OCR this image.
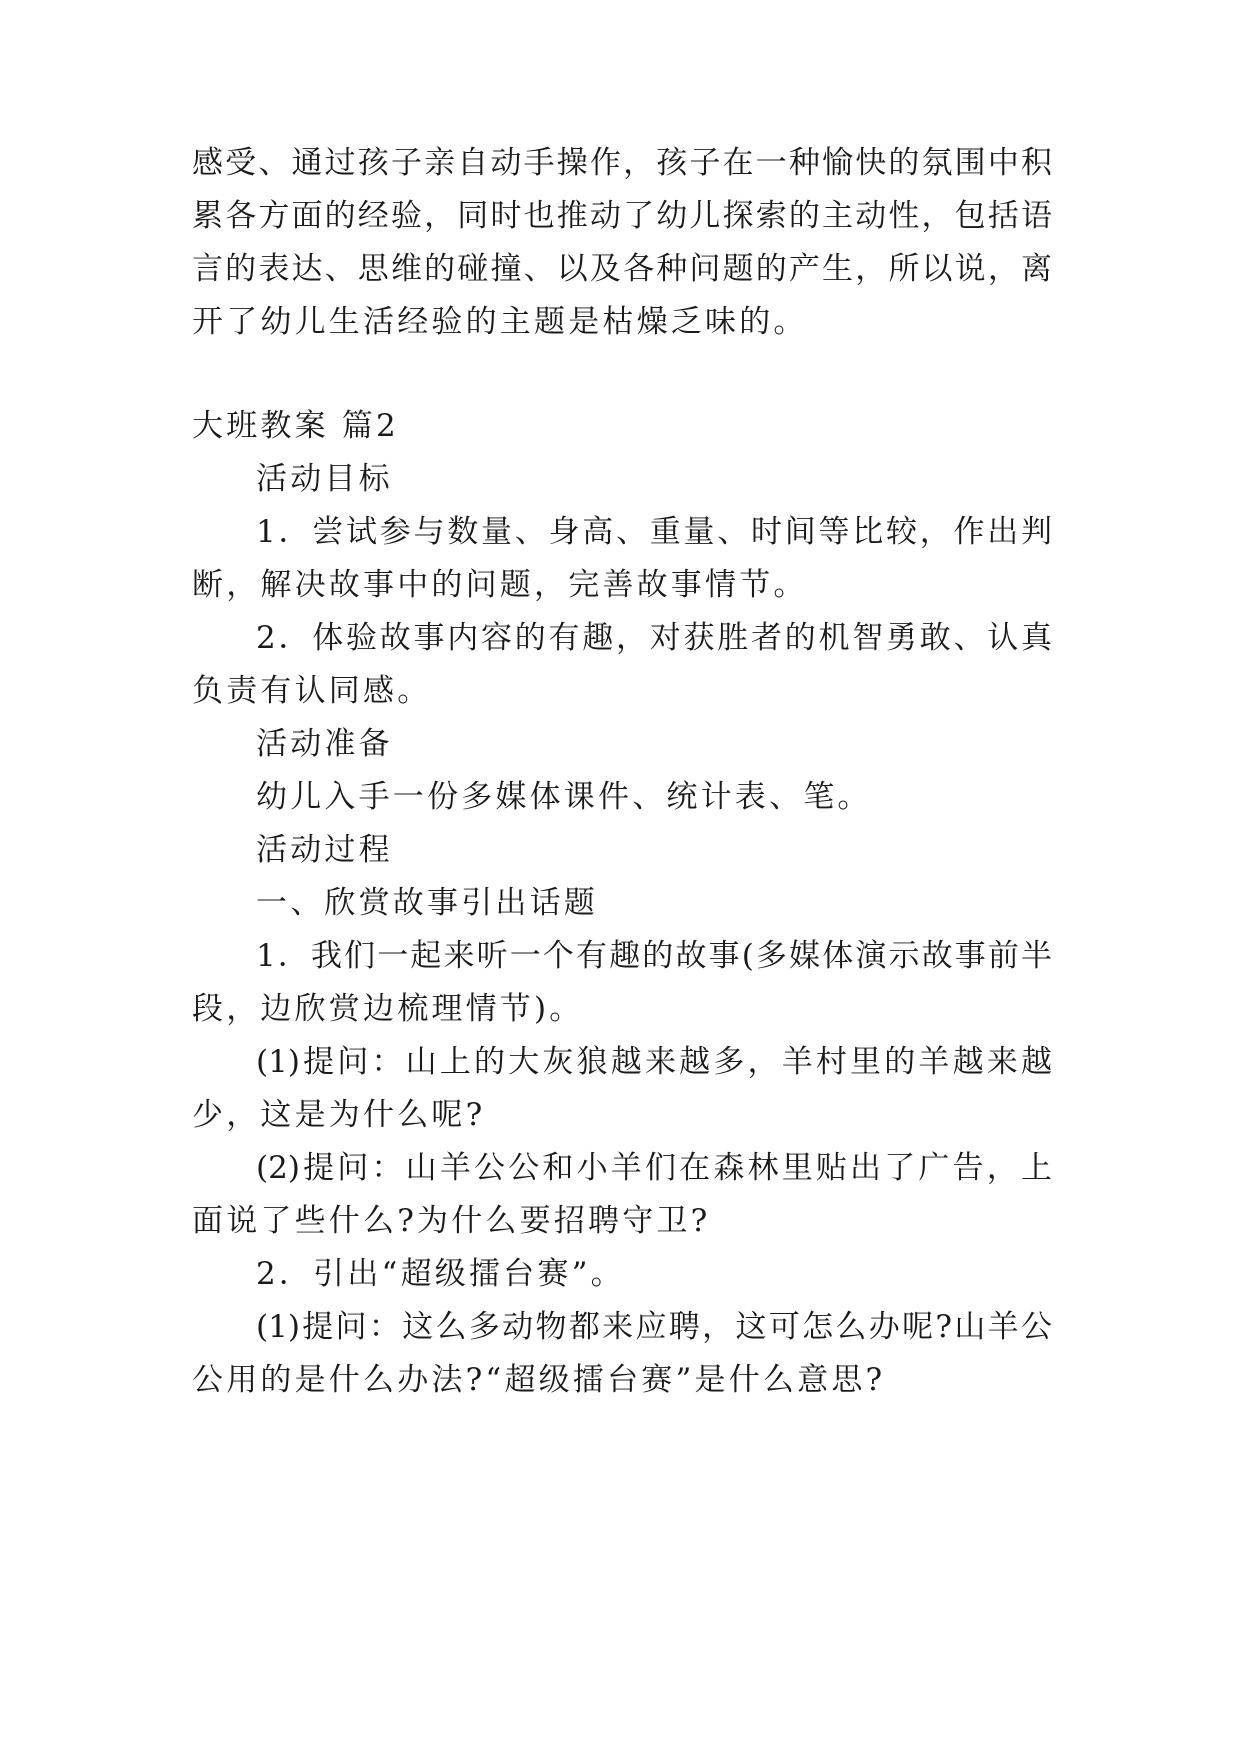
感受、通过孩子亲自动手操作，孩子在一种愉快的氛围中积
累各方面的经验，同时也推动了幼儿探索的主动性，包括语
言的表达、思维的碰撞、以及各种问题的产生，所以说，离
开了幼儿生活经验的主题是枯燥乏味的。
大班教案 篇2
活动目标
1．尝试参与数量、身高、重量、时间等比较，作出判
断，解决故事中的问题，完善故事情节。
2．体验故事内容的有趣，对获胜者的机智勇敢、认真
负责有认同感。
活动准备
幼儿入手一份多媒体课件、统计表、笔。
活动过程
一、欣赏故事引出话题
1．我们一起来听一个有趣的故事(多媒体演示故事前半
段，边欣赏边梳理情节)。
(1)提问：山上的大灰狼越来越多，羊村里的羊越来越
少，这是为什么呢?
(2)提问：山羊公公和小羊们在森林里贴出了广告，上
面说了些什么?为什么要招聘守卫?
2．引出“超级擂台赛”。
(1)提问：这么多动物都来应聘，这可怎么办呢?山羊公
公用的是什么办法?“超级擂台赛”是什么意思?
